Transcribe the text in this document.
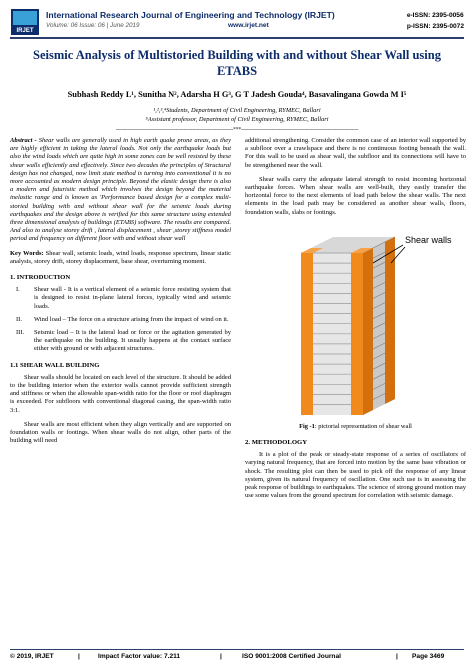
IRJET
International Research Journal of Engineering and Technology (IRJET)
Volume: 06 Issue: 06 | June 2019	www.irjet.net
e-ISSN: 2395-0056
p-ISSN: 2395-0072
Seismic Analysis of Multistoried Building with and without Shear Wall using ETABS
Subhash Reddy L¹, Sunitha N², Adarsha H G³, G T Jadesh Gouda⁴, Basavalingana Gowda M I⁵
¹,²,³,⁴Students, Department of Civil Engineering, RYMEC, Ballari
⁵Assistant professor, Department of Civil Engineering, RYMEC, Ballari
---------------------------------------------------------------------***---------------------------------------------------------------------

Abstract - Shear walls are generally used in high earth quake prone areas, as they are highly efficient in taking the lateral loads. Not only the earthquake loads but also the wind loads which are quite high in some zones can be well resisted by these shear walls efficiently and effectively. Since two decades the principles of Structural design has not changed, now limit state method is turning into conventional it is no more accounted as modern design principle. Beyond the elastic design there is also a modern and futuristic method which involves the design beyond the material inelastic range and is known as 'Performance based design for a complex multi-storied building with and without shear wall for the seismic loads during earthquakes and the design above is verified for this same structure using extended three dimensional analysis of buildings (ETABS) software. The results are compared. And also to analyse storey drift , lateral displacement , shear ,storey stiffness model period and frequency on different floor with and without shear wall

Key Words: Shear wall, seismic loads, wind loads, response spectrum, linear static analysis, storey drift, storey displacement, base shear, overturning moment.

1. INTRODUCTION
I. Shear wall - It is a vertical element of a seismic force resisting system that is designed to resist in-plane lateral forces, typically wind and seismic loads.
II. Wind load – The force on a structure arising from the impact of wind on it.
III. Seismic load – It is the lateral load or force or the agitation generated by the earthquake on the building. It usually happens at the contact surface either with ground or with adjacent structures.
1.1 SHEAR WALL BUILDING

Shear walls should be located on each level of the structure. It should be added to the building interior when the exterior walls cannot provide sufficient strength and stiffness or when the allowable span-width ratio for the floor or roof diaphragm is exceeded. For subfloors with conventional diagonal casing, the span-width ratio 3:1.

Shear walls are most efficient when they align vertically and are supported on foundation walls or footings. When shear walls do not align, other parts of the building will need

additional strengthening. Consider the common case of an interior wall supported by a subfloor over a crawlspace and there is no continuous footing beneath the wall. For this wall to be used as shear wall, the subfloor and its connections will have to be strengthened near the wall.

Shear walls carry the adequate lateral strength to resist incoming horizontal earthquake forces. When shear walls are well-built, they easily transfer the horizontal force to the next elements of load path below the shear walls. The next elements in the load path may be considered as another shear walls, floors, foundation walls, slabs or footings.

Shear walls
Fig -1: pictorial representation of shear wall
2. METHODOLOGY

It is a plot of the peak or steady-state response of a series of oscillators of varying natural frequency, that are forced into motion by the same base vibration or shock. The resulting plot can then be used to pick off the response of any linear system, given its natural frequency of oscillation. One such use is in assessing the peak response of buildings to earthquakes. The science of strong ground motion may use some values from the ground spectrum for correlation with seismic damage.

© 2019, IRJET	|	Impact Factor value: 7.211	|	ISO 9001:2008 Certified Journal	| Page 3469
